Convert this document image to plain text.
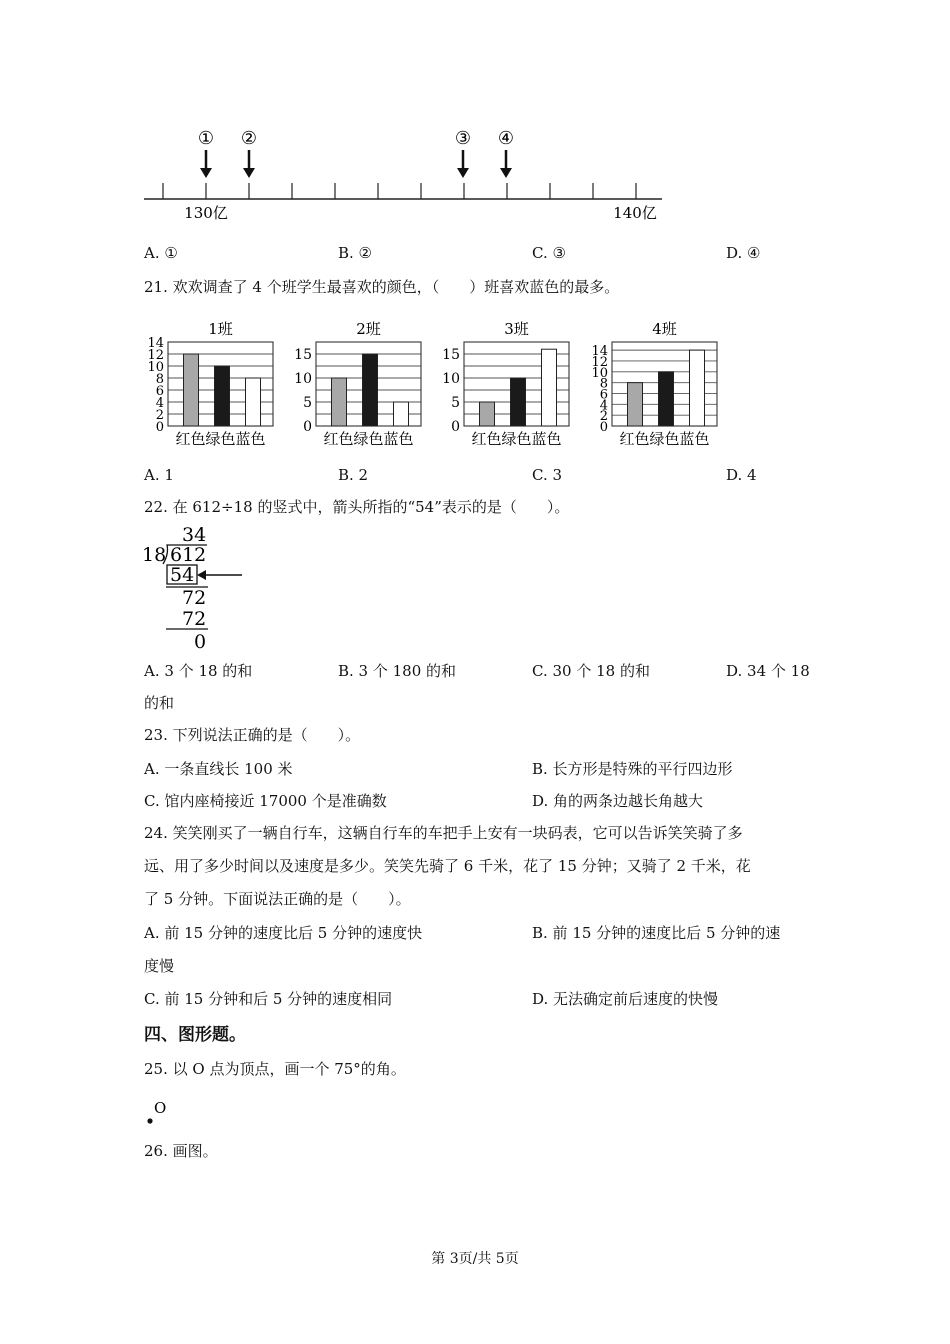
① ②	③ ④
130亿	140亿
A. ①	B. ②	C. ③	D. ④
21. 欢欢调查了 4 个班学生最喜欢的颜色，（　　）班喜欢蓝色的最多。
1班
14
12
10
8
6
4
2
0
红色绿色蓝色
2班
15
10
5
0
红色绿色蓝色
3班
15
10
5
0
红色绿色蓝色
4班
14
12
10
8
6
4
2
0
红色绿色蓝色
A. 1	B. 2	C. 3	D. 4
22. 在 612÷18 的竖式中，箭头所指的“54”表示的是（　　）。
34
18 612
54
72
72
0
A. 3 个 18 的和	B. 3 个 180 的和	C. 30 个 18 的和	D. 34 个 18
的和
23. 下列说法正确的是（　　）。
A. 一条直线长 100 米	B. 长方形是特殊的平行四边形
C. 馆内座椅接近 17000 个是准确数	D. 角的两条边越长角越大
24. 笑笑刚买了一辆自行车，这辆自行车的车把手上安有一块码表，它可以告诉笑笑骑了多
远、用了多少时间以及速度是多少。笑笑先骑了 6 千米，花了 15 分钟；又骑了 2 千米，花
了 5 分钟。下面说法正确的是（　　）。
A. 前 15 分钟的速度比后 5 分钟的速度快	B. 前 15 分钟的速度比后 5 分钟的速
度慢
C. 前 15 分钟和后 5 分钟的速度相同	D. 无法确定前后速度的快慢
四、图形题。
25. 以 O 点为顶点，画一个 75°的角。
O
26. 画图。
第 3页/共 5页
